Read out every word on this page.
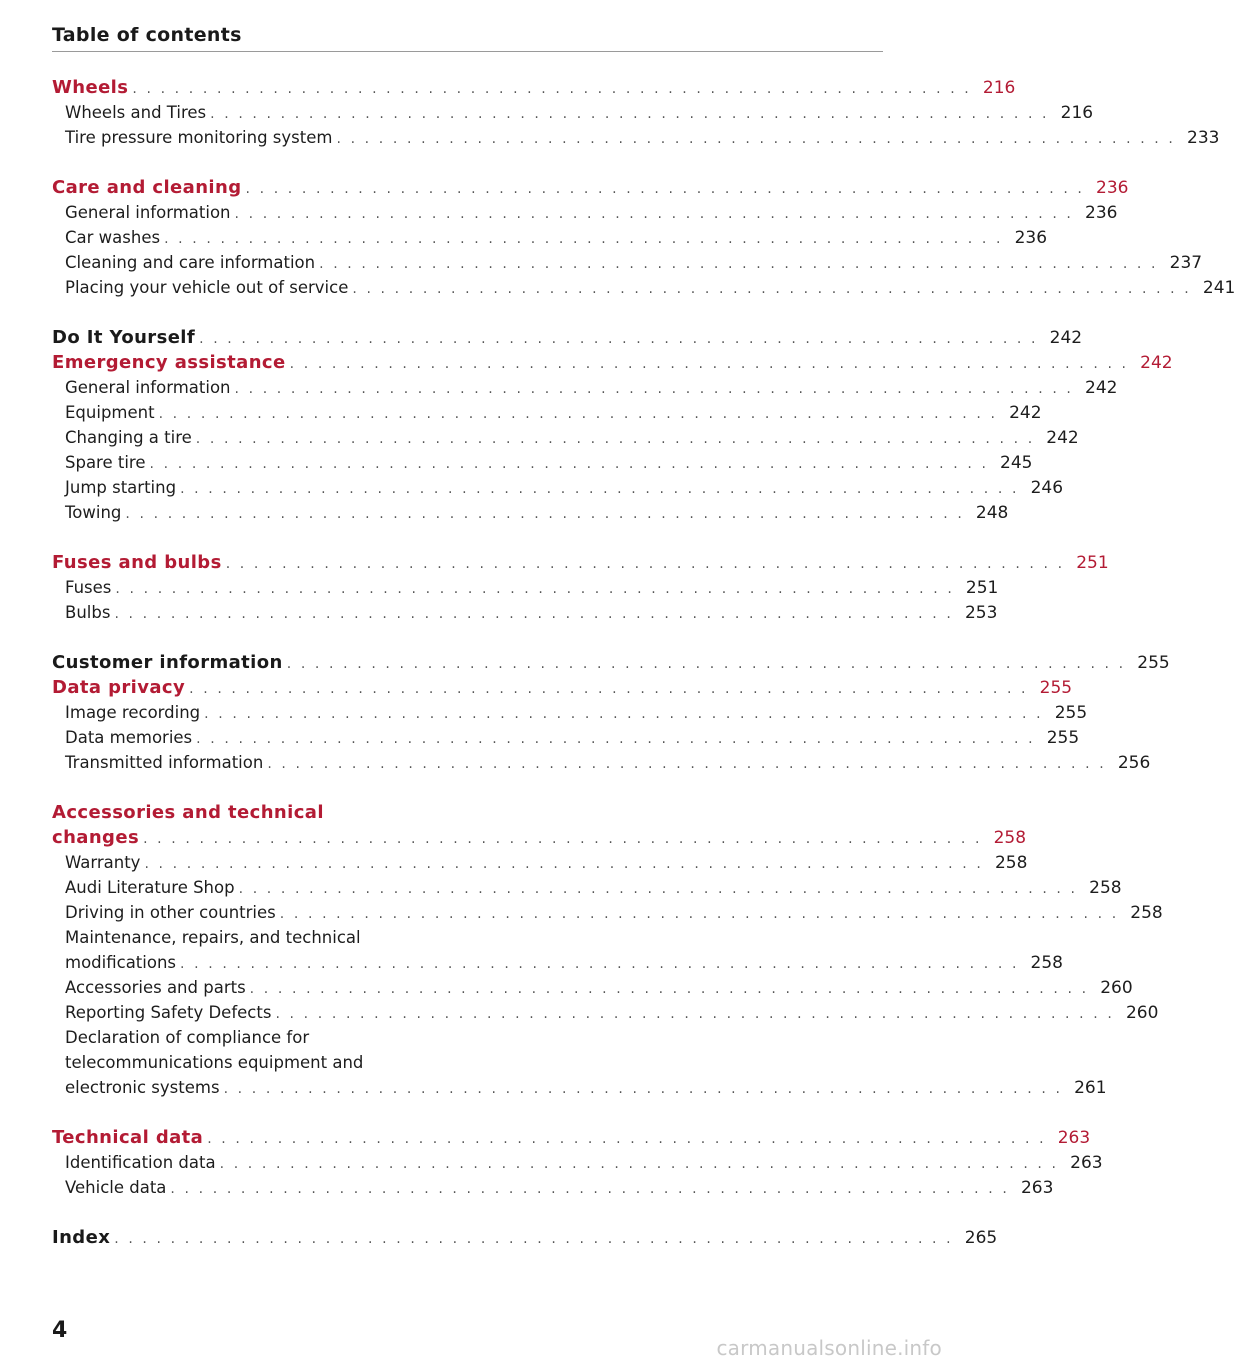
Table of contents
Wheels . . . . . . . . . . . . . . . . . . . . . . . . . . . . . . . . . . . . . . . . . . . . . . . . . . . . . . . . . . . . 216
Wheels and Tires . . . . . . . . . . . . . . . . . . . . . . . . . . . . . . . . . . . . . . . . . . . . . . . . . . . . . . . . . . . . 216
Tire pressure monitoring system . . . . . . . . . . . . . . . . . . . . . . . . . . . . . . . . . . . . . . . . . . . . . . . . . . . . . . . . . . . . 233
Care and cleaning . . . . . . . . . . . . . . . . . . . . . . . . . . . . . . . . . . . . . . . . . . . . . . . . . . . . . . . . . . . . 236
General information . . . . . . . . . . . . . . . . . . . . . . . . . . . . . . . . . . . . . . . . . . . . . . . . . . . . . . . . . . . . 236
Car washes . . . . . . . . . . . . . . . . . . . . . . . . . . . . . . . . . . . . . . . . . . . . . . . . . . . . . . . . . . . . 236
Cleaning and care information . . . . . . . . . . . . . . . . . . . . . . . . . . . . . . . . . . . . . . . . . . . . . . . . . . . . . . . . . . . . 237
Placing your vehicle out of service . . . . . . . . . . . . . . . . . . . . . . . . . . . . . . . . . . . . . . . . . . . . . . . . . . . . . . . . . . . . 241
Do It Yourself . . . . . . . . . . . . . . . . . . . . . . . . . . . . . . . . . . . . . . . . . . . . . . . . . . . . . . . . . . . . 242
Emergency assistance . . . . . . . . . . . . . . . . . . . . . . . . . . . . . . . . . . . . . . . . . . . . . . . . . . . . . . . . . . . . 242
General information . . . . . . . . . . . . . . . . . . . . . . . . . . . . . . . . . . . . . . . . . . . . . . . . . . . . . . . . . . . . 242
Equipment . . . . . . . . . . . . . . . . . . . . . . . . . . . . . . . . . . . . . . . . . . . . . . . . . . . . . . . . . . . . 242
Changing a tire . . . . . . . . . . . . . . . . . . . . . . . . . . . . . . . . . . . . . . . . . . . . . . . . . . . . . . . . . . . . 242
Spare tire . . . . . . . . . . . . . . . . . . . . . . . . . . . . . . . . . . . . . . . . . . . . . . . . . . . . . . . . . . . . 245
Jump starting . . . . . . . . . . . . . . . . . . . . . . . . . . . . . . . . . . . . . . . . . . . . . . . . . . . . . . . . . . . . 246
Towing . . . . . . . . . . . . . . . . . . . . . . . . . . . . . . . . . . . . . . . . . . . . . . . . . . . . . . . . . . . . 248
Fuses and bulbs . . . . . . . . . . . . . . . . . . . . . . . . . . . . . . . . . . . . . . . . . . . . . . . . . . . . . . . . . . . . 251
Fuses . . . . . . . . . . . . . . . . . . . . . . . . . . . . . . . . . . . . . . . . . . . . . . . . . . . . . . . . . . . . 251
Bulbs . . . . . . . . . . . . . . . . . . . . . . . . . . . . . . . . . . . . . . . . . . . . . . . . . . . . . . . . . . . . 253
Customer information . . . . . . . . . . . . . . . . . . . . . . . . . . . . . . . . . . . . . . . . . . . . . . . . . . . . . . . . . . . . 255
Data privacy . . . . . . . . . . . . . . . . . . . . . . . . . . . . . . . . . . . . . . . . . . . . . . . . . . . . . . . . . . . . 255
Image recording . . . . . . . . . . . . . . . . . . . . . . . . . . . . . . . . . . . . . . . . . . . . . . . . . . . . . . . . . . . . 255
Data memories . . . . . . . . . . . . . . . . . . . . . . . . . . . . . . . . . . . . . . . . . . . . . . . . . . . . . . . . . . . . 255
Transmitted information . . . . . . . . . . . . . . . . . . . . . . . . . . . . . . . . . . . . . . . . . . . . . . . . . . . . . . . . . . . . 256
Accessories and technical
changes . . . . . . . . . . . . . . . . . . . . . . . . . . . . . . . . . . . . . . . . . . . . . . . . . . . . . . . . . . . . 258
Warranty . . . . . . . . . . . . . . . . . . . . . . . . . . . . . . . . . . . . . . . . . . . . . . . . . . . . . . . . . . . . 258
Audi Literature Shop . . . . . . . . . . . . . . . . . . . . . . . . . . . . . . . . . . . . . . . . . . . . . . . . . . . . . . . . . . . . 258
Driving in other countries . . . . . . . . . . . . . . . . . . . . . . . . . . . . . . . . . . . . . . . . . . . . . . . . . . . . . . . . . . . . 258
Maintenance, repairs, and technical
modifications . . . . . . . . . . . . . . . . . . . . . . . . . . . . . . . . . . . . . . . . . . . . . . . . . . . . . . . . . . . . 258
Accessories and parts . . . . . . . . . . . . . . . . . . . . . . . . . . . . . . . . . . . . . . . . . . . . . . . . . . . . . . . . . . . . 260
Reporting Safety Defects . . . . . . . . . . . . . . . . . . . . . . . . . . . . . . . . . . . . . . . . . . . . . . . . . . . . . . . . . . . . 260
Declaration of compliance for
telecommunications equipment and
electronic systems . . . . . . . . . . . . . . . . . . . . . . . . . . . . . . . . . . . . . . . . . . . . . . . . . . . . . . . . . . . . 261
Technical data . . . . . . . . . . . . . . . . . . . . . . . . . . . . . . . . . . . . . . . . . . . . . . . . . . . . . . . . . . . . 263
Identification data . . . . . . . . . . . . . . . . . . . . . . . . . . . . . . . . . . . . . . . . . . . . . . . . . . . . . . . . . . . . 263
Vehicle data . . . . . . . . . . . . . . . . . . . . . . . . . . . . . . . . . . . . . . . . . . . . . . . . . . . . . . . . . . . . 263
Index . . . . . . . . . . . . . . . . . . . . . . . . . . . . . . . . . . . . . . . . . . . . . . . . . . . . . . . . . . . . 265
4
carmanualsonline.info
